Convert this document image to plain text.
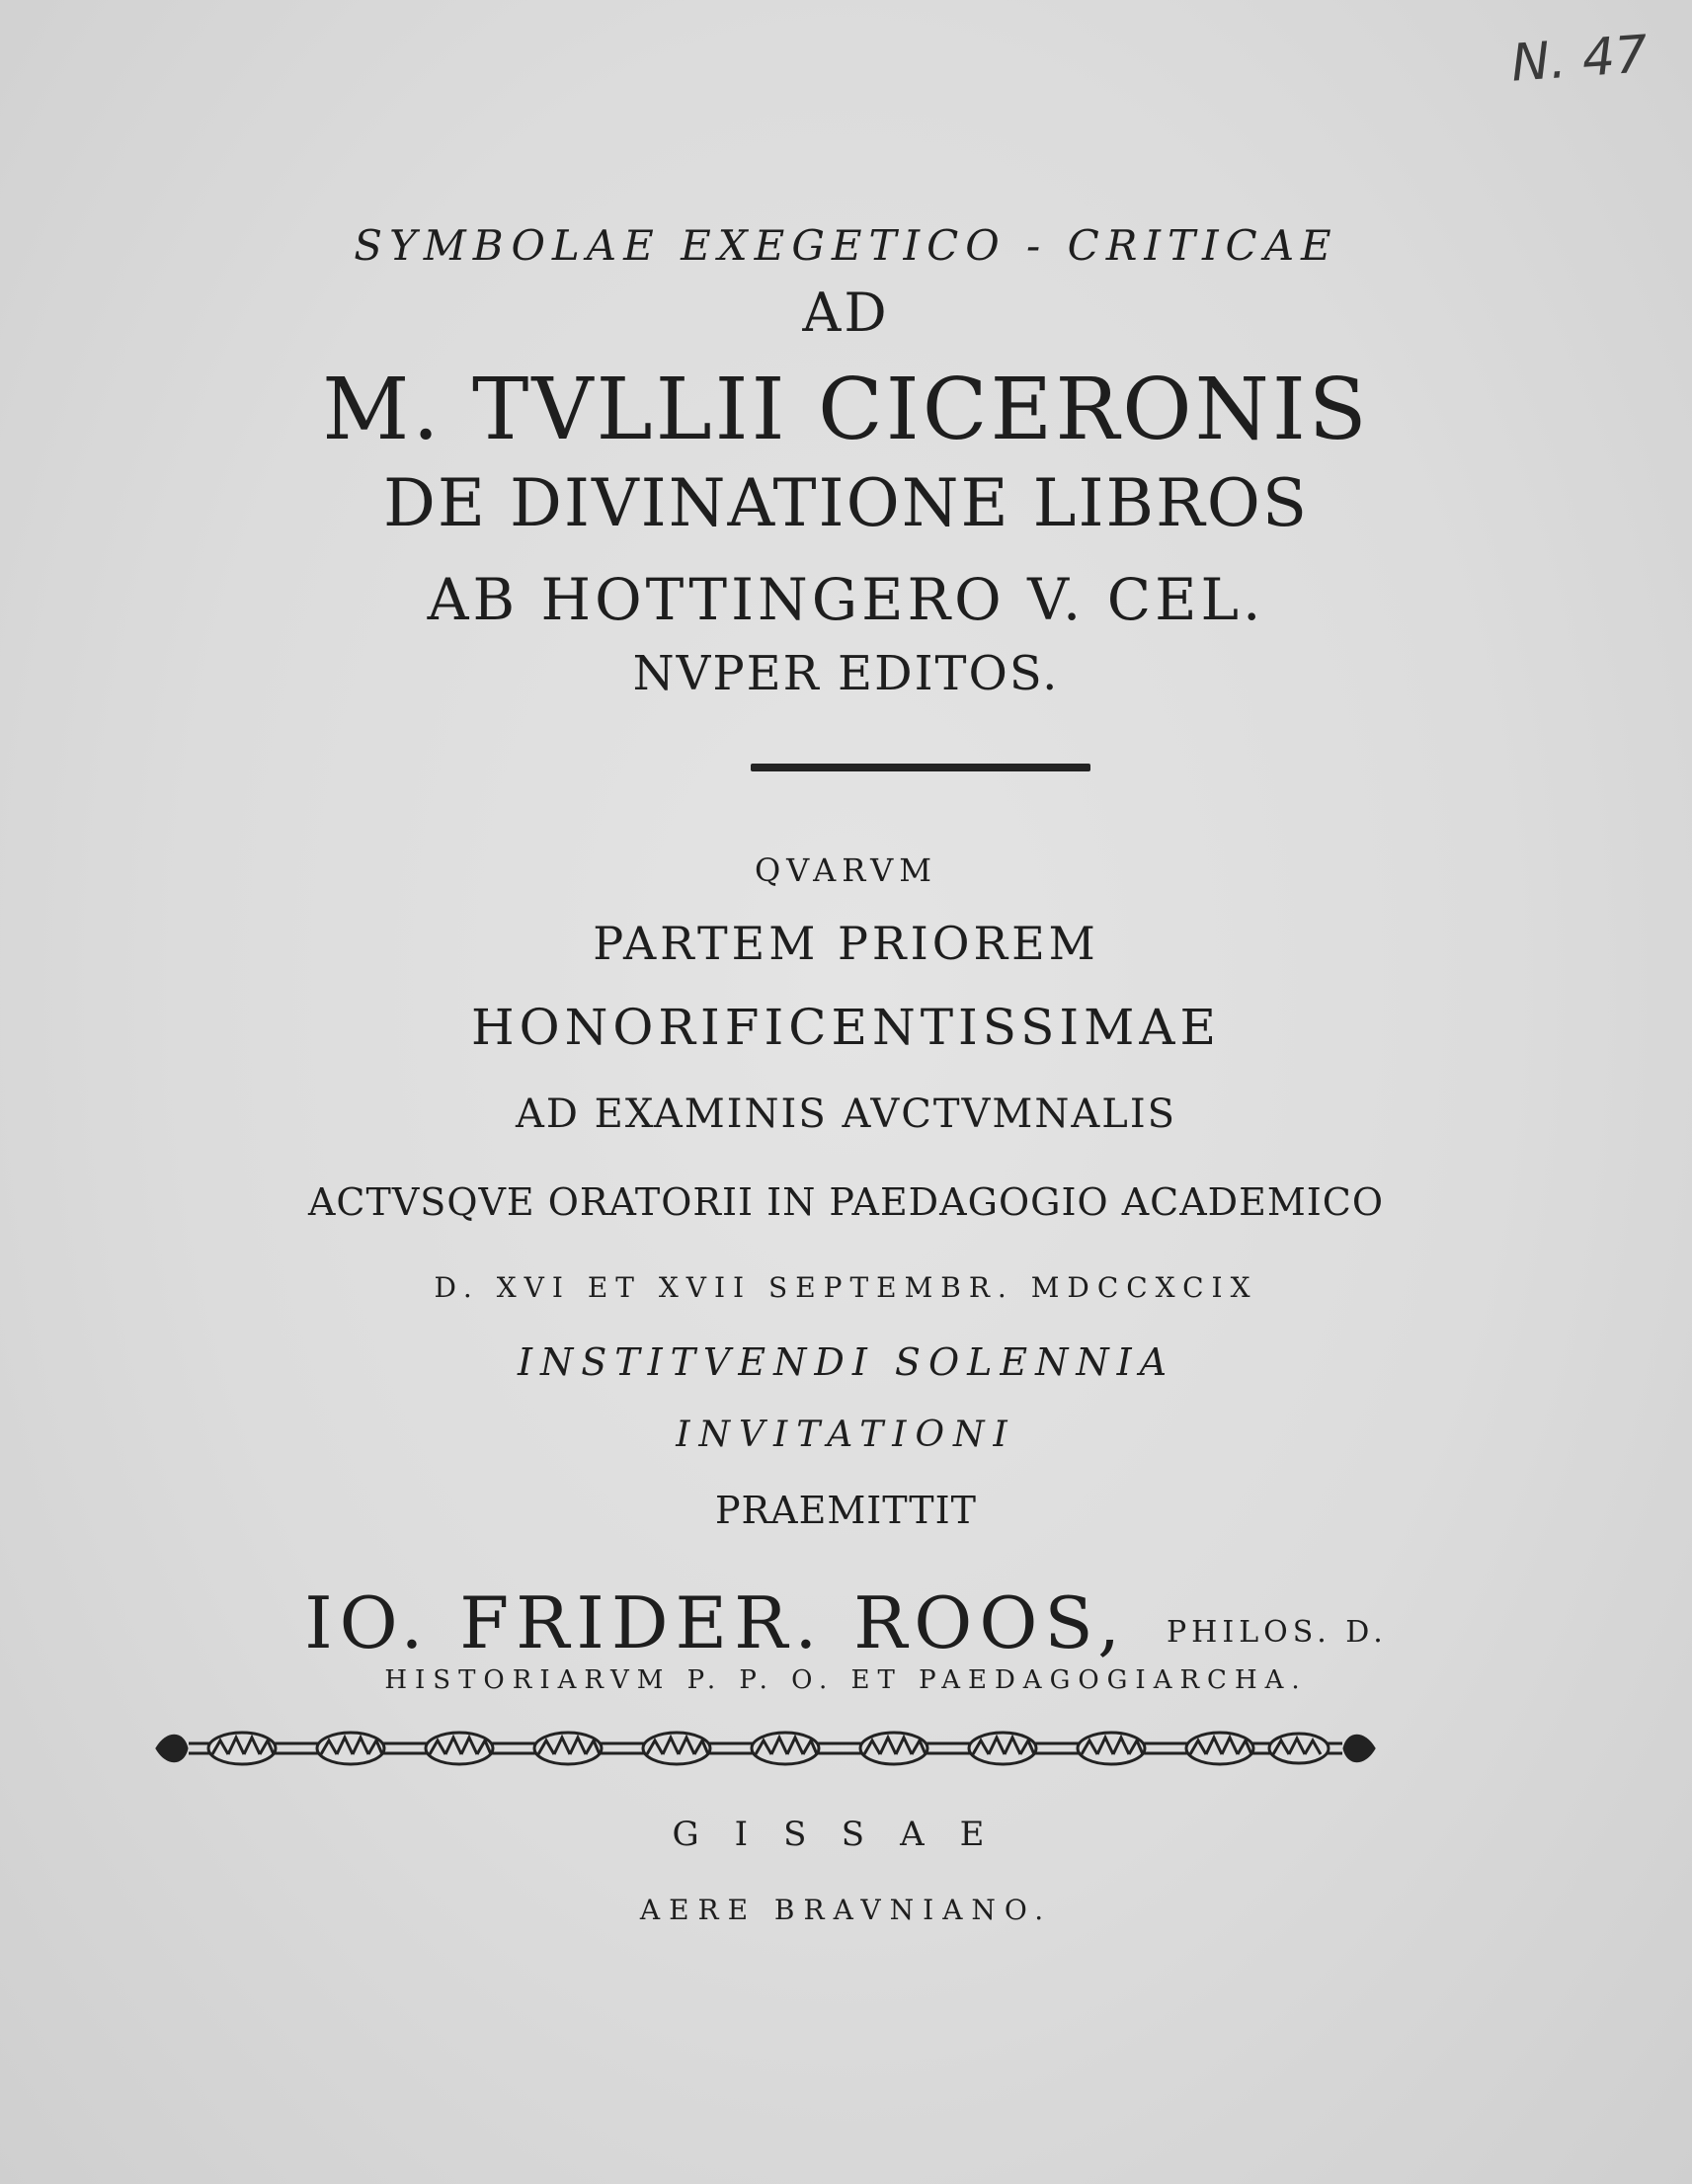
N. 47
SYMBOLAE EXEGETICO - CRITICAE
AD
M. TVLLII CICERONIS
DE DIVINATIONE LIBROS
AB HOTTINGERO V. CEL.
NVPER EDITOS.
QVARVM
PARTEM PRIOREM
HONORIFICENTISSIMAE
AD EXAMINIS AVCTVMNALIS
ACTVSQVE ORATORII IN PAEDAGOGIO ACADEMICO
D. XVI ET XVII SEPTEMBR. MDCCXCIX
INSTITVENDI SOLENNIA
INVITATIONI
PRAEMITTIT
IO. FRIDER. ROOS, PHILOS. D.
HISTORIARVM P. P. O. ET PAEDAGOGIARCHA.
GISSAE
AERE BRAVNIANO.
